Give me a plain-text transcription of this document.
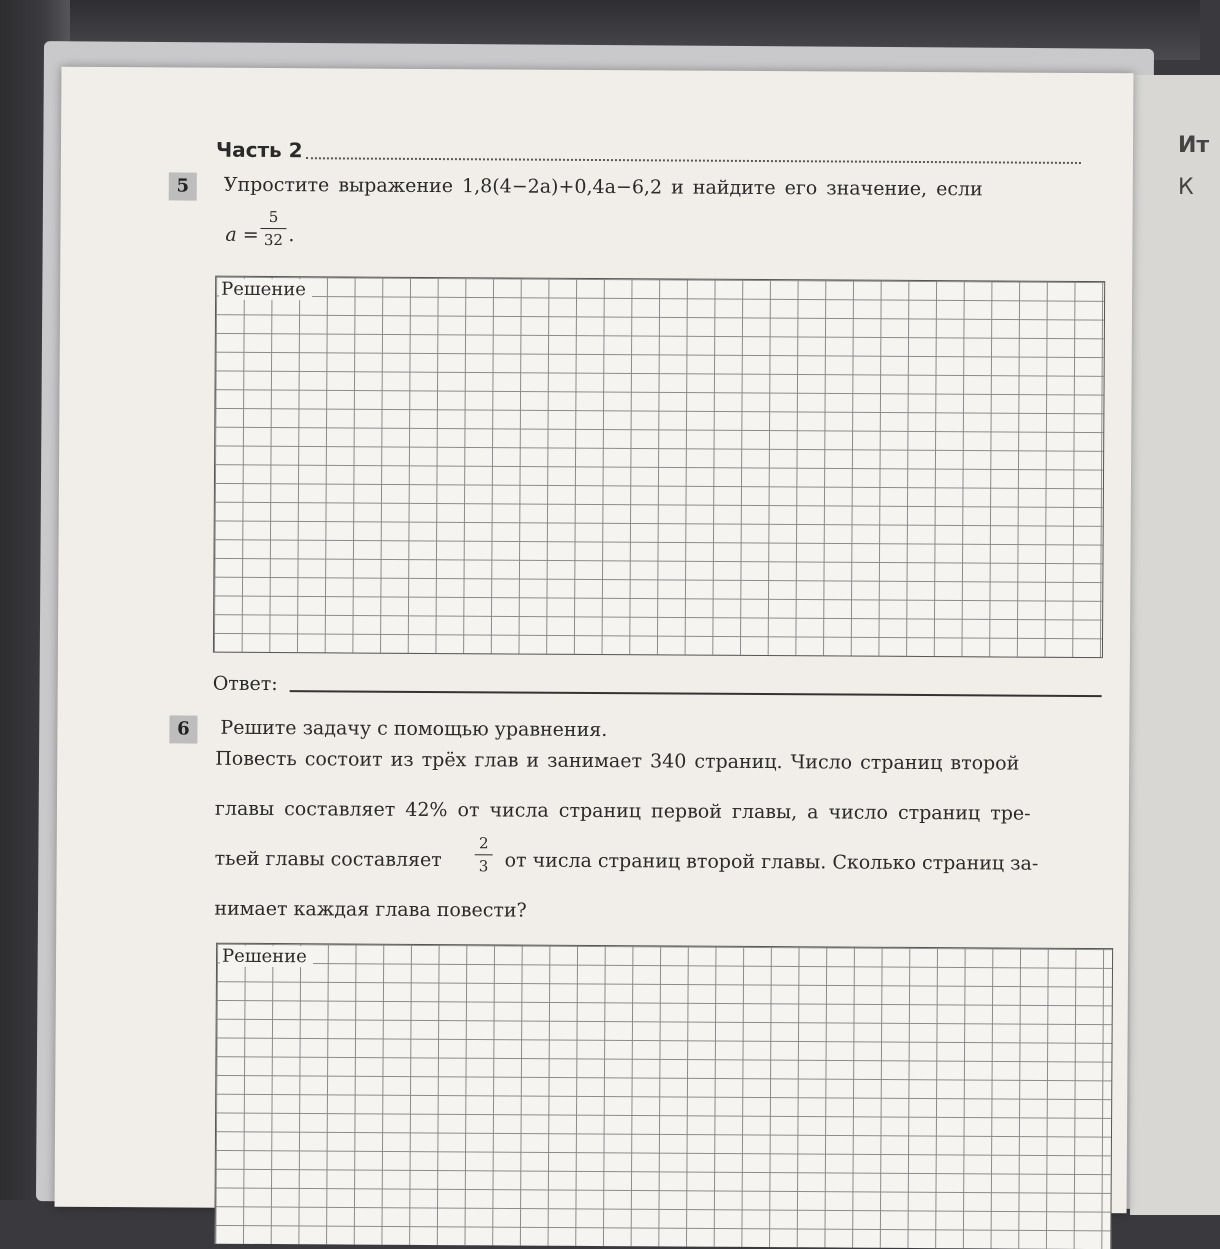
Ит
К
Часть 2
5	Упростите выражение 1,8(4−2a)+0,4a−6,2 и найдите его значение, если
a =
5
32 .
Решение
Ответ:
6	Решите задачу с помощью уравнения.
Повесть состоит из трёх глав и занимает 340 страниц. Число страниц второй
главы составляет 42% от числа страниц первой главы, а число страниц тре-
тьей главы составляет
2
3 от числа страниц второй главы. Сколько страниц за-
нимает каждая глава повести?
Решение
